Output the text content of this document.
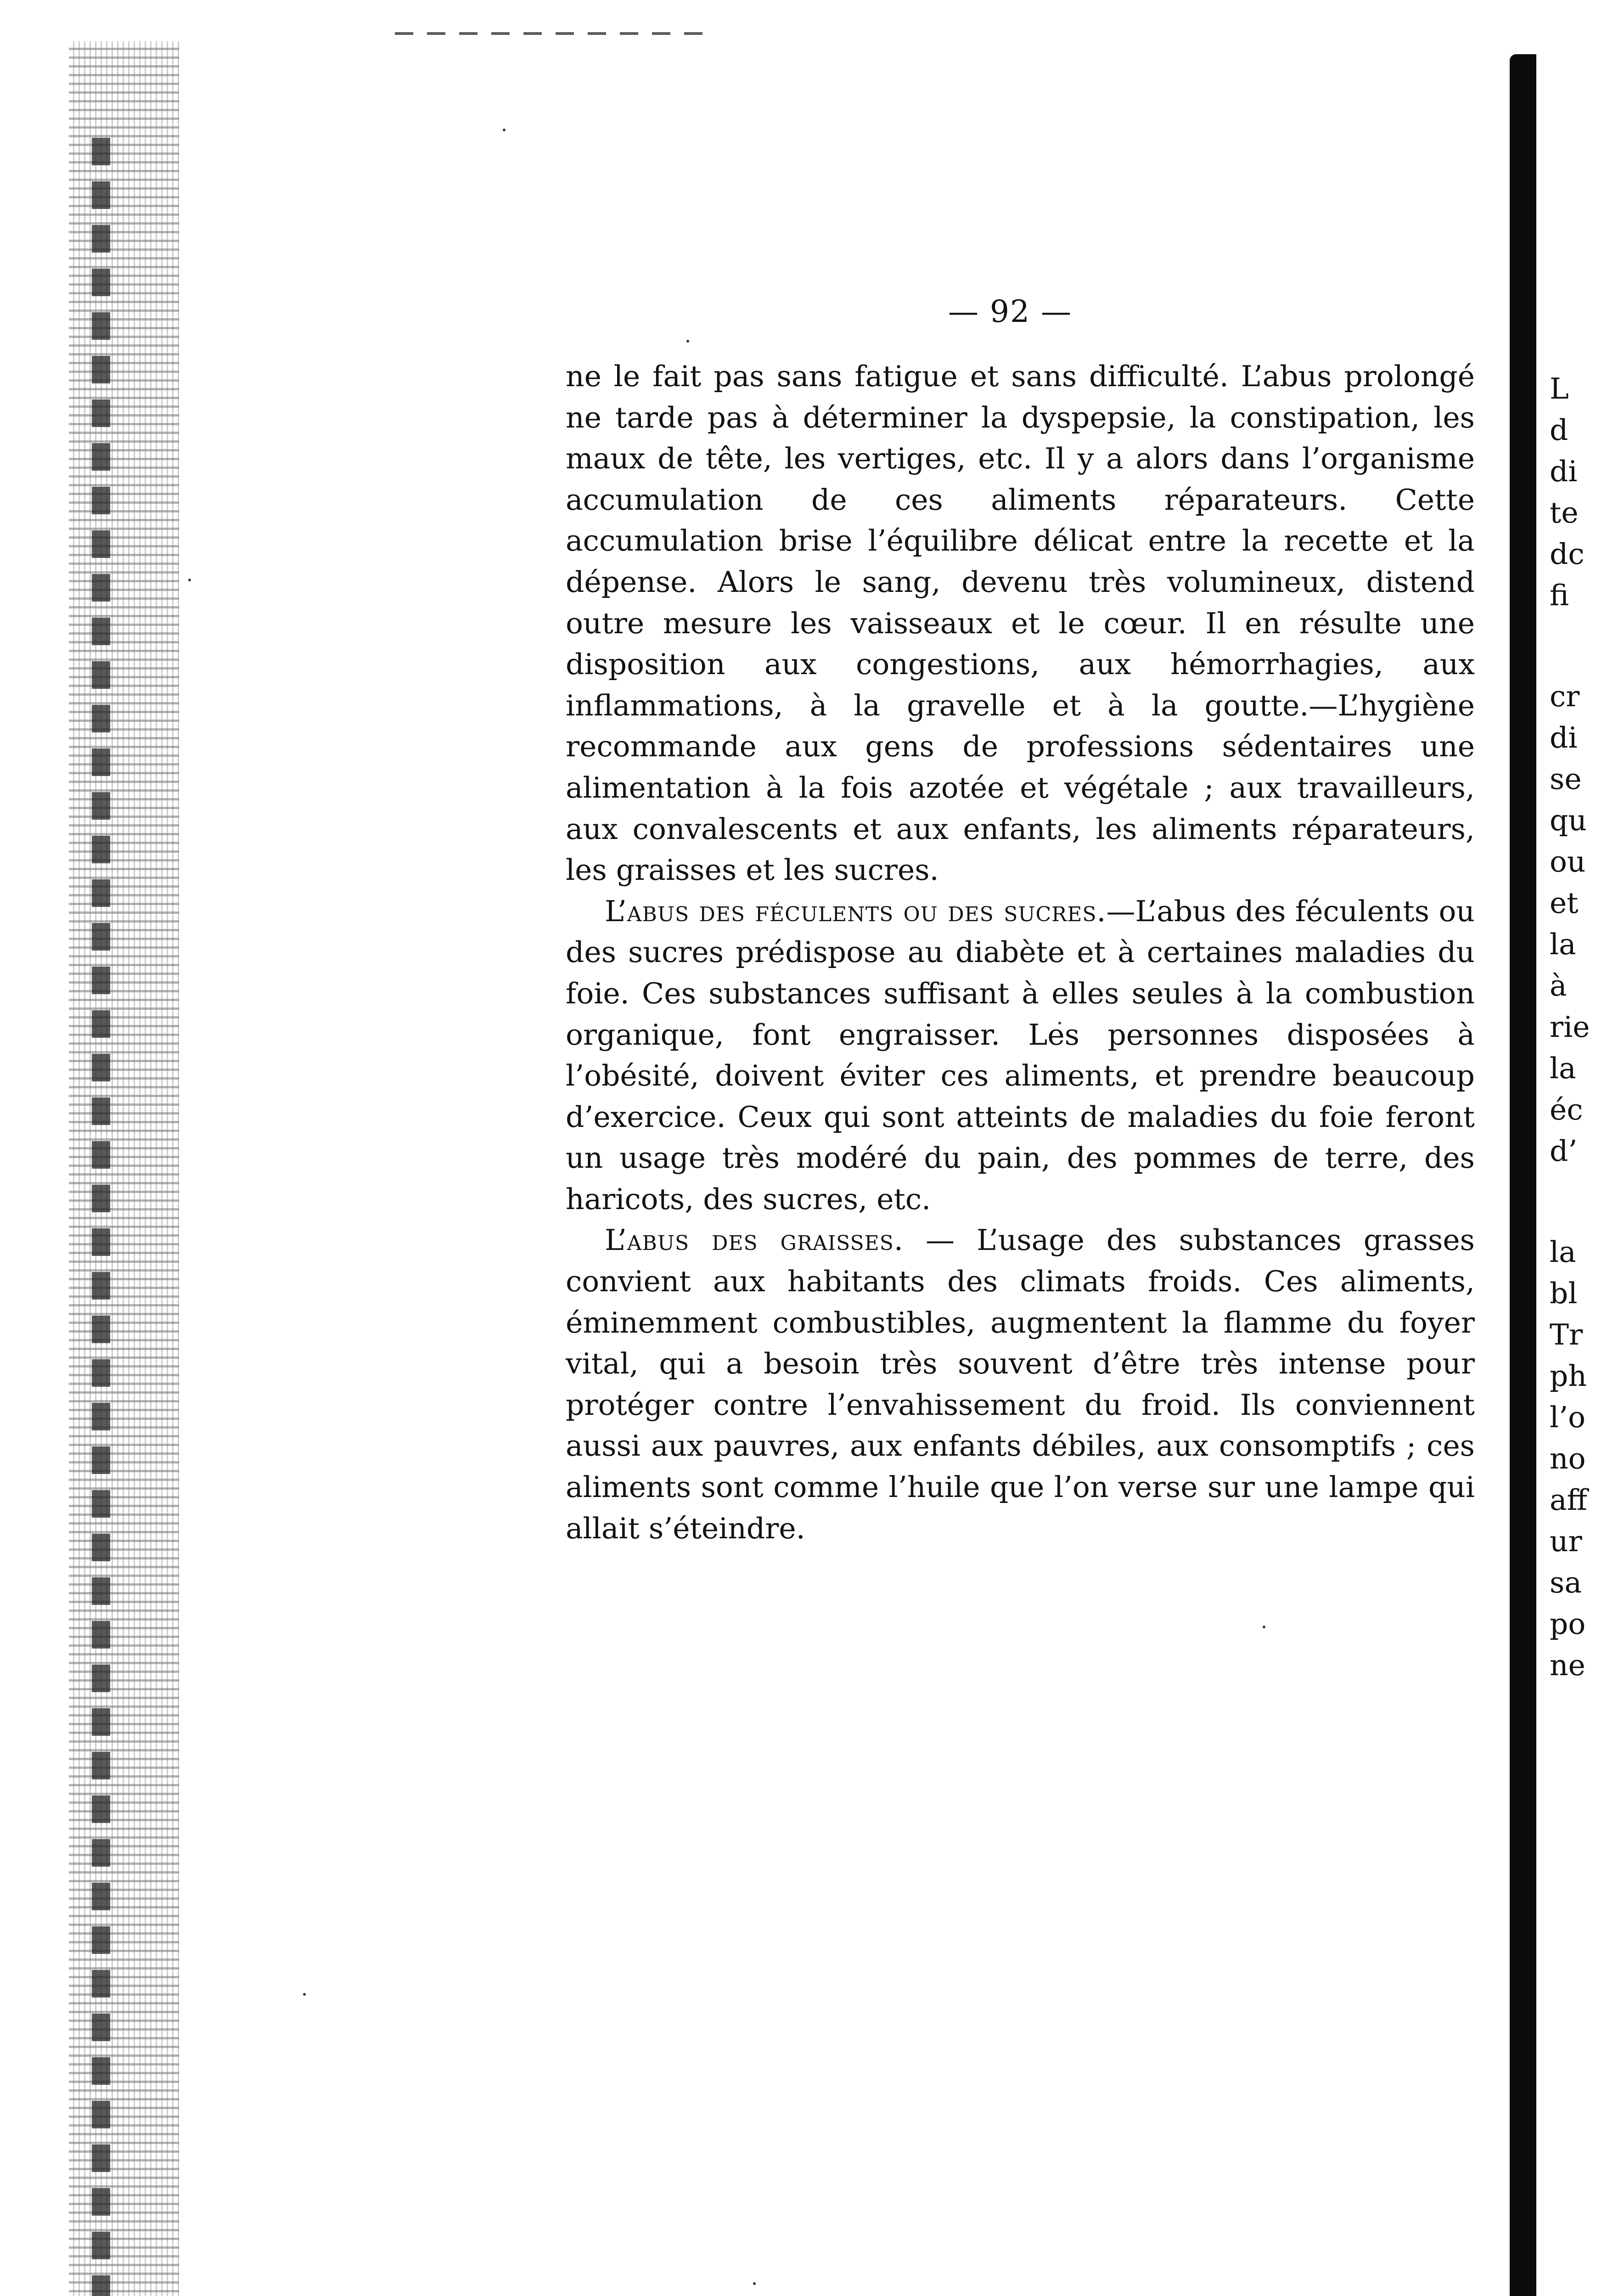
— 92 —

ne le fait pas sans fatigue et sans difficulté. L’abus prolongé ne tarde pas à déterminer la dyspepsie, la constipation, les maux de tête, les vertiges, etc. Il y a alors dans l’organisme accumulation de ces aliments réparateurs. Cette accumulation brise l’équilibre délicat entre la recette et la dépense. Alors le sang, devenu très volumineux, distend outre mesure les vaisseaux et le cœur. Il en résulte une disposition aux congestions, aux hémorrhagies, aux inflammations, à la gravelle et à la goutte.—L’hygiène recommande aux gens de professions sédentaires une alimentation à la fois azotée et végétale ; aux travailleurs, aux convalescents et aux enfants, les aliments réparateurs, les graisses et les sucres.

L’abus des féculents ou des sucres.—L’abus des féculents ou des sucres prédispose au diabète et à certaines maladies du foie. Ces substances suffisant à elles seules à la combustion organique, font engraisser. Les personnes disposées à l’obésité, doivent éviter ces aliments, et prendre beaucoup d’exercice. Ceux qui sont atteints de maladies du foie feront un usage très modéré du pain, des pommes de terre, des haricots, des sucres, etc.

L’abus des graisses. — L’usage des substances grasses convient aux habitants des climats froids. Ces aliments, éminemment combustibles, augmentent la flamme du foyer vital, qui a besoin très souvent d’être très intense pour protéger contre l’envahissement du froid. Ils conviennent aussi aux pauvres, aux enfants débiles, aux consomptifs ; ces aliments sont comme l’huile que l’on verse sur une lampe qui allait s’éteindre.

L
d
di
te
dc
fi
cr
di
se
qu
ou
et
la
à
rie
la
éc
d’
la
bl
Tr
ph
l’o
no
aff
ur
sa
po
ne
